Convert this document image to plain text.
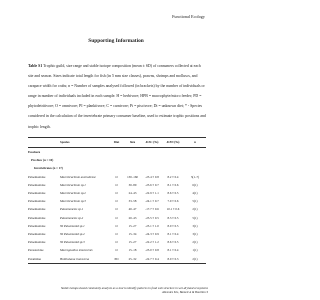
Functional Ecology
Supporting Information
Table S1 Trophic guild, size range and stable isotope composition (mean ± SD) of consumers collected at each site and season. Sizes indicate total length for fish (in 5 mm size classes), prawns, shrimps and molluscs, and carapace width for crabs; n = Number of samples analysed followed (in brackets) by the number of individuals or range in number of individuals included in each sample. H = herbivore; HPB = macrophyte/micro feeder; PD = phytodetritivore; O = omnivore; PI = planktivore; C = carnivore; Pi = piscivore; Di = unknown diet; * - Species considered in the calculation of the invertebrate primary consumer baseline, used to estimate trophic positions and trophic length.
	Species	Diet	Size	δ13C (‰)	δ15N (‰)	n
Ecoshore						
Pre-flow (n = 10)						
Invertebrates (n = 17)						
Palaemonidae	Macrobrachium australiense	O	130–160	-23.4 ± 0.8	8.2 ± 0.4	3(1–7)
Palaemonidae	Macrobrachium sp.1	O	30–89	-23.6 ± 0.7	8.1 ± 0.6	6(1)
Palaemonidae	Macrobrachium sp.2	O	24–43	-22.9 ± 1.1	8.6 ± 0.5	4(1)
Palaemonidae	Macrobrachium sp.3	O	33–58	-24.1 ± 0.7	7.9 ± 0.6	5(1)
Palaemonidae	Palaemonetes sp.1	O	40–47	-17.7 ± 0.6	10.1 ± 0.6	2(1)
Palaemonidae	Palaemonetes sp.2	O	20–43	-23.5 ± 0.5	8.3 ± 0.5	5(1)
Palaemonidae	NI Palaemonid sp.1	O	15–27	-25.1 ± 1.0	8.0 ± 0.5	3(1)
Palaemonidae	NI Palaemonid sp.2	O	15–34	-24.3 ± 0.9	8.1 ± 0.4	3(1)
Palaemonidae	NI Palaemonid sp.3	O	15–27	-22.2 ± 1.2	8.6 ± 0.5	2(1)
Parastacidae	Macrognathus tenuicornis	O	15–18	-25.0 ± 0.8	8.1 ± 0.4	1(1)
Potamidae	Holthuisana transversa	PD	25–32	-22.7 ± 0.4	8.0 ± 0.3	2(1)
Stable isotope-based community analysis as a tool to identify patterns in food web structure in wet-dryland ecosystems
Abrantes KG, Bamett A & Bouillon S
